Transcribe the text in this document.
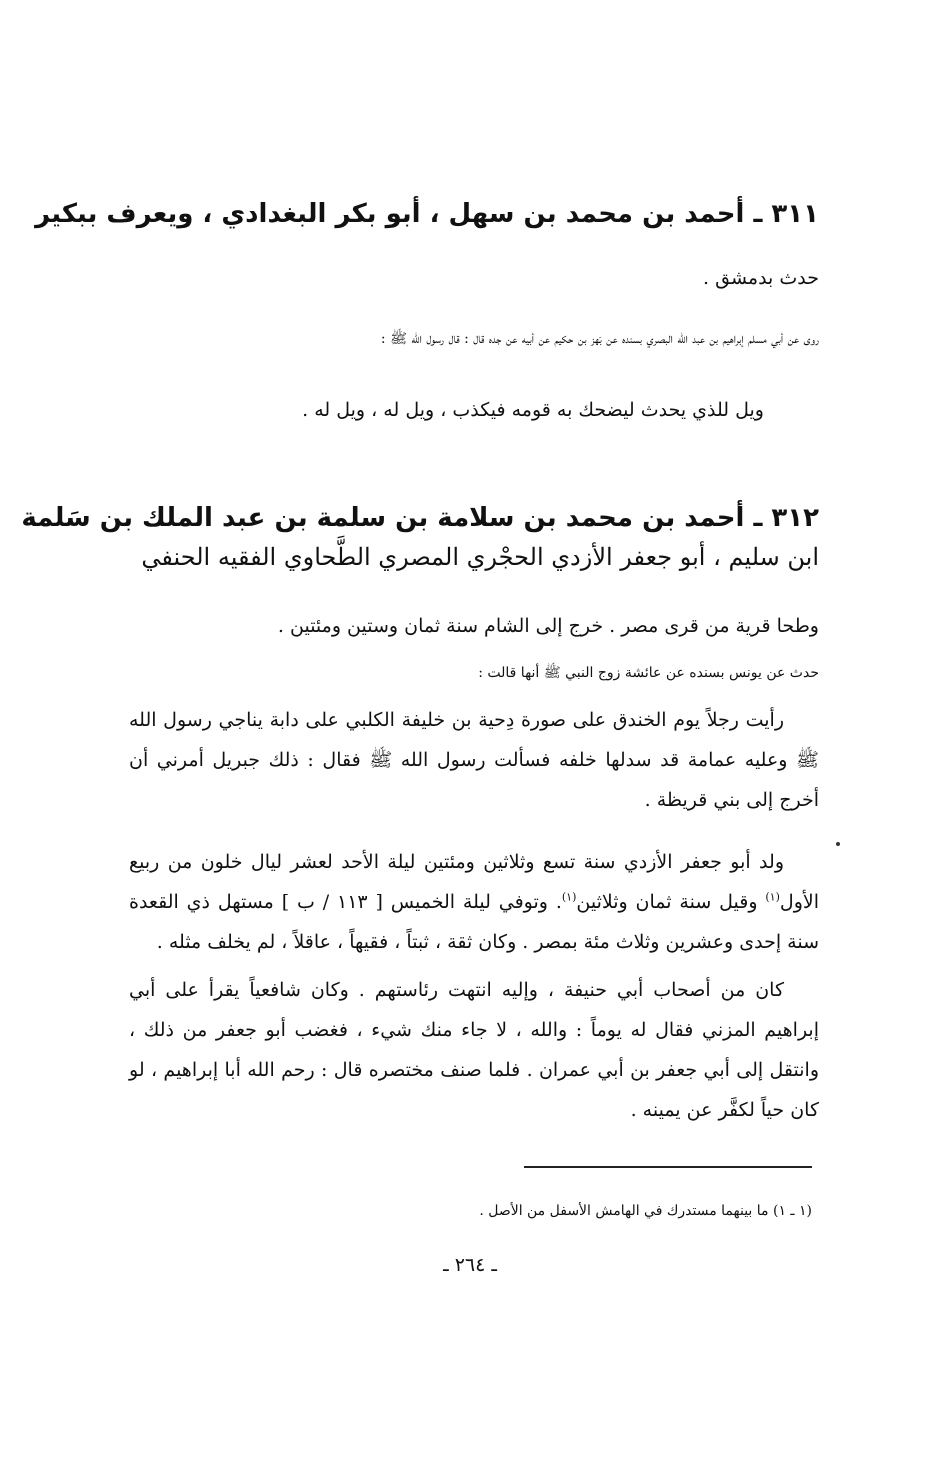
٣١١ ـ أحمد بن محمد بن سهل ، أبو بكر البغدادي ، ويعرف ببكير
حدث بدمشق .
روى عن أبي مسلم إبراهيم بن عبد الله البصري بسنده عن بَهز بن حكيم عن أبيه عن جده قال : قال رسول الله ﷺ :
ويل للذي يحدث ليضحك به قومه فيكذب ، ويل له ، ويل له .
٣١٢ ـ أحمد بن محمد بن سلامة بن سلمة بن عبد الملك بن سَلمة
ابن سليم ، أبو جعفر الأزدي الحجْري المصري الطَّحاوي الفقيه الحنفي
وطحا قرية من قرى مصر . خرج إلى الشام سنة ثمان وستين ومئتين .
حدث عن يونس بسنده عن عائشة زوج النبي ﷺ أنها قالت :
رأيت رجلاً يوم الخندق على صورة دِحية بن خليفة الكلبي على دابة يناجي رسول الله ﷺ وعليه عمامة قد سدلها خلفه فسألت رسول الله ﷺ فقال : ذلك جبريل أمرني أن أخرج إلى بني قريظة .
ولد أبو جعفر الأزدي سنة تسع وثلاثين ومئتين ليلة الأحد لعشر ليال خلون من ربيع الأول$^{(١)}$ وقيل سنة ثمان وثلاثين$^{(١)}$. وتوفي ليلة الخميس [ ١١٣ / ب ] مستهل ذي القعدة سنة إحدى وعشرين وثلاث مئة بمصر . وكان ثقة ، ثبتاً ، فقيهاً ، عاقلاً ، لم يخلف مثله .
كان من أصحاب أبي حنيفة ، وإليه انتهت رئاستهم . وكان شافعياً يقرأ على أبي إبراهيم المزني فقال له يوماً : والله ، لا جاء منك شيء ، فغضب أبو جعفر من ذلك ، وانتقل إلى أبي جعفر بن أبي عمران . فلما صنف مختصره قال : رحم الله أبا إبراهيم ، لو كان حياً لكفَّر عن يمينه .
(١ ـ ١) ما بينهما مستدرك في الهامش الأسفل من الأصل .
ـ ٢٦٤ ـ
